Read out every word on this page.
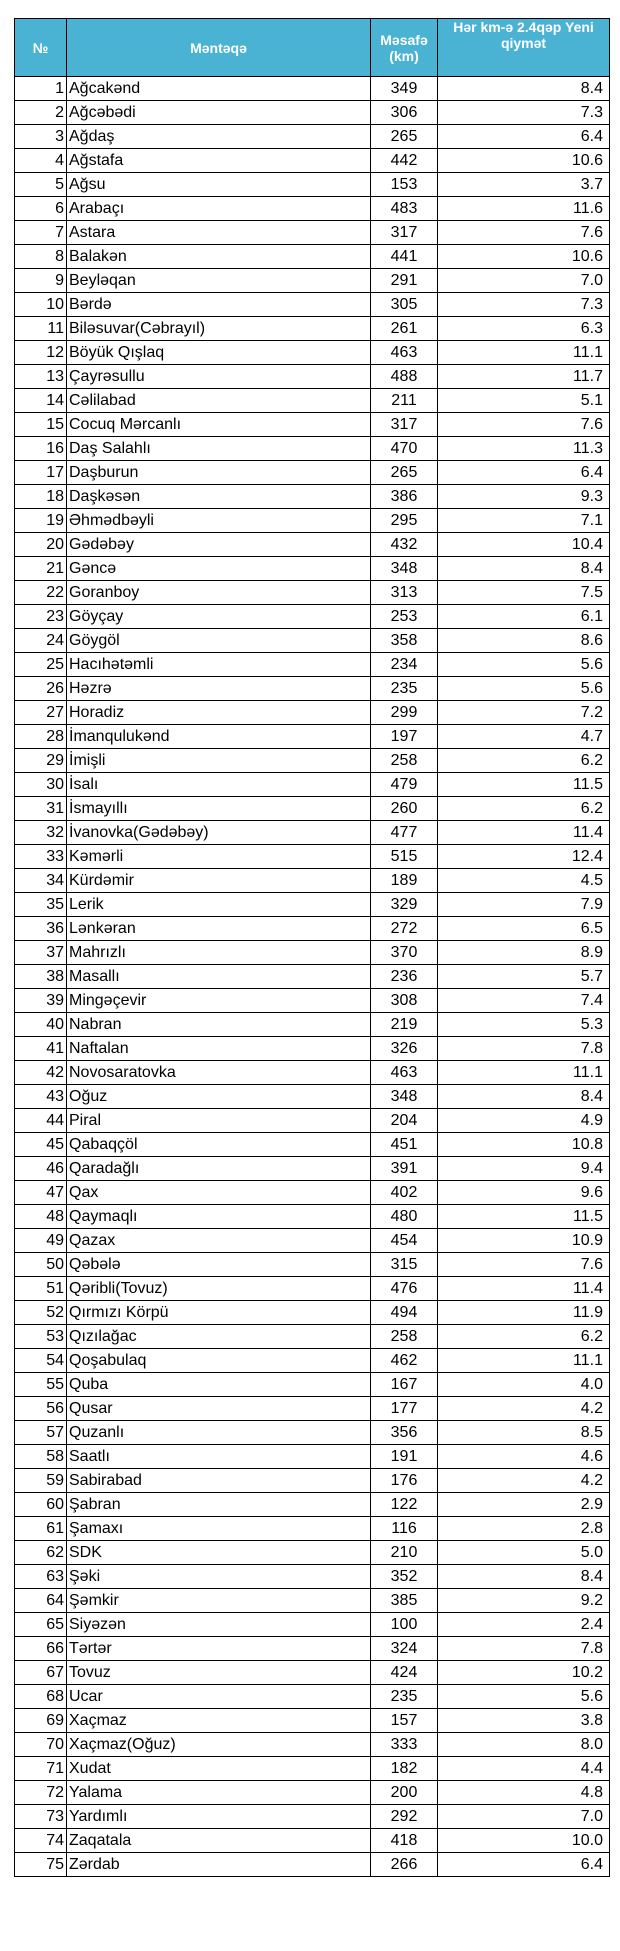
№	Məntəqə	Məsafə (km)	Hər km-ə 2.4qəp Yeni qiymət
1	Ağcakənd	349	8.4
2	Ağcəbədi	306	7.3
3	Ağdaş	265	6.4
4	Ağstafa	442	10.6
5	Ağsu	153	3.7
6	Arabaçı	483	11.6
7	Astara	317	7.6
8	Balakən	441	10.6
9	Beyləqan	291	7.0
10	Bərdə	305	7.3
11	Biləsuvar(Cəbrayıl)	261	6.3
12	Böyük Qışlaq	463	11.1
13	Çayrəsullu	488	11.7
14	Cəlilabad	211	5.1
15	Cocuq Mərcanlı	317	7.6
16	Daş Salahlı	470	11.3
17	Daşburun	265	6.4
18	Daşkəsən	386	9.3
19	Əhmədbəyli	295	7.1
20	Gədəbəy	432	10.4
21	Gəncə	348	8.4
22	Goranboy	313	7.5
23	Göyçay	253	6.1
24	Göygöl	358	8.6
25	Hacıhətəmli	234	5.6
26	Həzrə	235	5.6
27	Horadiz	299	7.2
28	İmanqulukənd	197	4.7
29	İmişli	258	6.2
30	İsalı	479	11.5
31	İsmayıllı	260	6.2
32	İvanovka(Gədəbəy)	477	11.4
33	Kəmərli	515	12.4
34	Kürdəmir	189	4.5
35	Lerik	329	7.9
36	Lənkəran	272	6.5
37	Mahrızlı	370	8.9
38	Masallı	236	5.7
39	Mingəçevir	308	7.4
40	Nabran	219	5.3
41	Naftalan	326	7.8
42	Novosaratovka	463	11.1
43	Oğuz	348	8.4
44	Piral	204	4.9
45	Qabaqçöl	451	10.8
46	Qaradağlı	391	9.4
47	Qax	402	9.6
48	Qaymaqlı	480	11.5
49	Qazax	454	10.9
50	Qəbələ	315	7.6
51	Qəribli(Tovuz)	476	11.4
52	Qırmızı Körpü	494	11.9
53	Qızılağac	258	6.2
54	Qoşabulaq	462	11.1
55	Quba	167	4.0
56	Qusar	177	4.2
57	Quzanlı	356	8.5
58	Saatlı	191	4.6
59	Sabirabad	176	4.2
60	Şabran	122	2.9
61	Şamaxı	116	2.8
62	SDK	210	5.0
63	Şəki	352	8.4
64	Şəmkir	385	9.2
65	Siyəzən	100	2.4
66	Tərtər	324	7.8
67	Tovuz	424	10.2
68	Ucar	235	5.6
69	Xaçmaz	157	3.8
70	Xaçmaz(Oğuz)	333	8.0
71	Xudat	182	4.4
72	Yalama	200	4.8
73	Yardımlı	292	7.0
74	Zaqatala	418	10.0
75	Zərdab	266	6.4
